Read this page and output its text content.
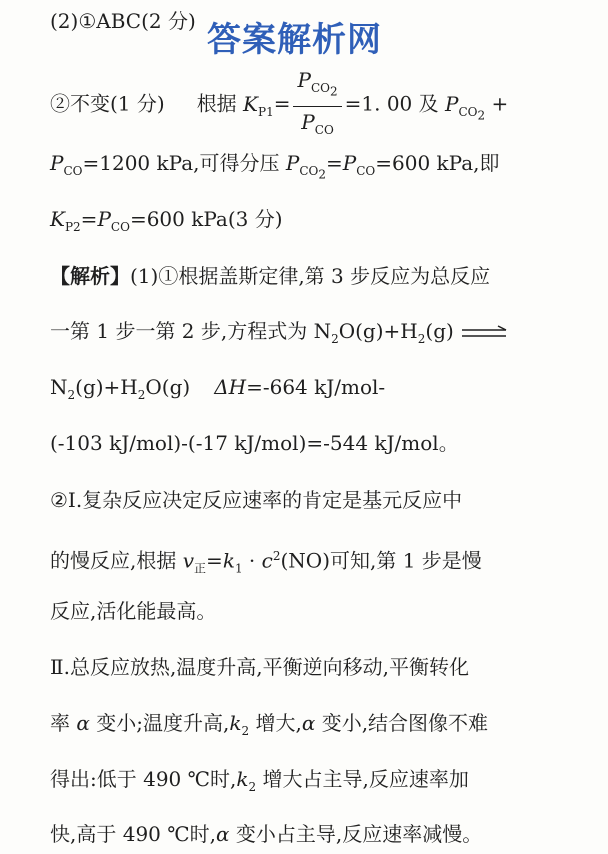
(2)①ABC(2 分) 答案解析网
②不变(1 分) 根据 $K_{P1}= \frac{P_{CO_2}}{P_{CO}} =1$. 00 及 $P_{CO_2}$ +
$P_{CO}=1200$ kPa,可得分压 $P_{CO_2}=P_{CO}=600$ kPa,即
$K_{P2}=P_{CO}=600$ kPa(3 分)
【解析】(1)①根据盖斯定律,第 3 步反应为总反应
一第 1 步一第 2 步,方程式为 $N_2O(g)+H_2(g)$
$N_2(g)+H_2O(g)$ ΔH=-664 kJ/mol-
(-103 kJ/mol)-(-17 kJ/mol)=-544 kJ/mol。
②Ⅰ.复杂反应决定反应速率的肯定是基元反应中
的慢反应,根据 $v_正=k_1 \cdot c^2(NO)$可知,第 1 步是慢
反应,活化能最高。
Ⅱ.总反应放热,温度升高,平衡逆向移动,平衡转化
率 α 变小;温度升高$,k_2$ 增大,α 变小,结合图像不难
得出:低于 490 ℃时$,k_2$ 增大占主导,反应速率加
快,高于 490 ℃时,α 变小占主导,反应速率减慢。
